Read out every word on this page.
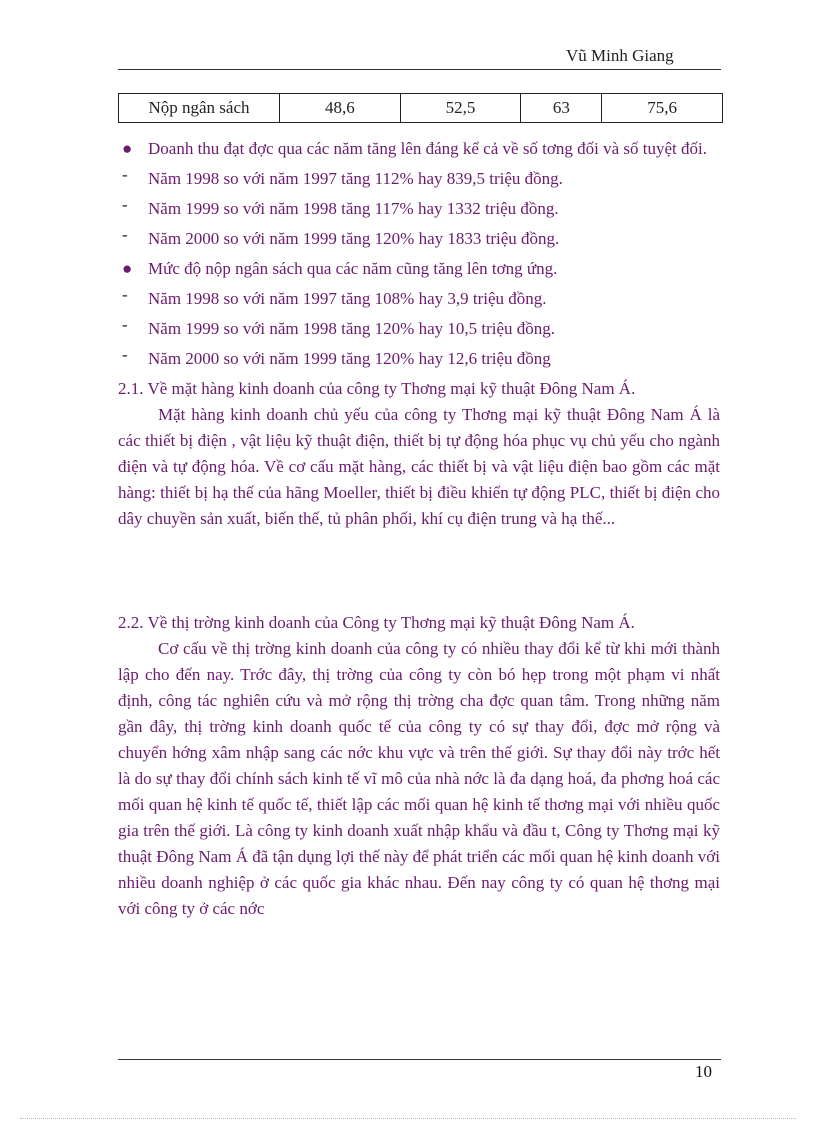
Vũ Minh Giang
Nộp ngân sách	48,6	52,5	63	75,6
● Doanh thu đạt đợc qua các năm tăng lên đáng kể cả về số tơng đối và số tuyệt đối.
- Năm 1998 so với năm 1997 tăng 112% hay 839,5 triệu đồng.
- Năm 1999 so với năm 1998 tăng 117% hay 1332 triệu đồng.
- Năm 2000 so với năm 1999 tăng 120% hay 1833 triệu đồng.
● Mức độ nộp ngân sách qua các năm cũng tăng lên tơng ứng.
- Năm 1998 so với năm 1997 tăng 108% hay 3,9 triệu đồng.
- Năm 1999 so với năm 1998 tăng 120% hay 10,5 triệu đồng.
- Năm 2000 so với năm 1999 tăng 120% hay 12,6 triệu đồng

2.1. Về mặt hàng kinh doanh của công ty Thơng mại kỹ thuật Đông Nam Á.

Mặt hàng kinh doanh chủ yếu của công ty Thơng mại kỹ thuật Đông Nam Á là các thiết bị điện , vật liệu kỹ thuật điện, thiết bị tự động hóa phục vụ chủ yếu cho ngành điện và tự động hóa. Về cơ cấu mặt hàng, các thiết bị và vật liệu điện bao gồm các mặt hàng: thiết bị hạ thế của hãng Moeller, thiết bị điều khiển tự động PLC, thiết bị điện cho dây chuyền sản xuất, biến thế, tủ phân phối, khí cụ điện trung và hạ thế...

2.2. Về thị trờng kinh doanh của Công ty Thơng mại kỹ thuật Đông Nam Á.

Cơ cấu về thị trờng kinh doanh của công ty có nhiều thay đổi kể từ khi mới thành lập cho đến nay. Trớc đây, thị trờng của công ty còn bó hẹp trong một phạm vi nhất định, công tác nghiên cứu và mở rộng thị trờng cha đợc quan tâm. Trong những năm gần đây, thị trờng kinh doanh quốc tế của công ty có sự thay đổi, đợc mở rộng và chuyển hớng xâm nhập sang các nớc khu vực và trên thế giới. Sự thay đổi này trớc hết là do sự thay đổi chính sách kinh tế vĩ mô của nhà nớc là đa dạng hoá, đa phơng hoá các mối quan hệ kinh tế quốc tế, thiết lập các mối quan hệ kinh tế thơng mại với nhiều quốc gia trên thế giới. Là công ty kinh doanh xuất nhập khẩu và đầu t, Công ty Thơng mại kỹ thuật Đông Nam Á đã tận dụng lợi thế này để phát triển các mối quan hệ kinh doanh với nhiều doanh nghiệp ở các quốc gia khác nhau. Đến nay công ty có quan hệ thơng mại với công ty ở các nớc

10
